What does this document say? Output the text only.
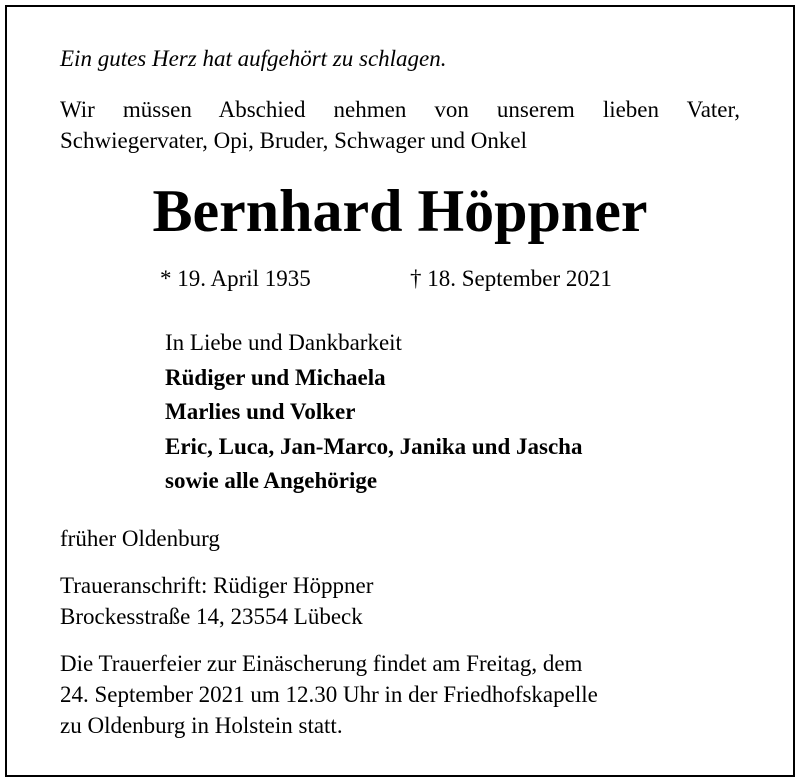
Ein gutes Herz hat aufgehört zu schlagen.
Wir müssen Abschied nehmen von unserem lieben Vater,
Schwiegervater, Opi, Bruder, Schwager und Onkel
Bernhard Höppner
* 19. April 1935	† 18. September 2021
In Liebe und Dankbarkeit
Rüdiger und Michaela
Marlies und Volker
Eric, Luca, Jan-Marco, Janika und Jascha
sowie alle Angehörige
früher Oldenburg
Traueranschrift: Rüdiger Höppner
Brockesstraße 14, 23554 Lübeck
Die Trauerfeier zur Einäscherung findet am Freitag, dem
24. September 2021 um 12.30 Uhr in der Friedhofskapelle
zu Oldenburg in Holstein statt.
